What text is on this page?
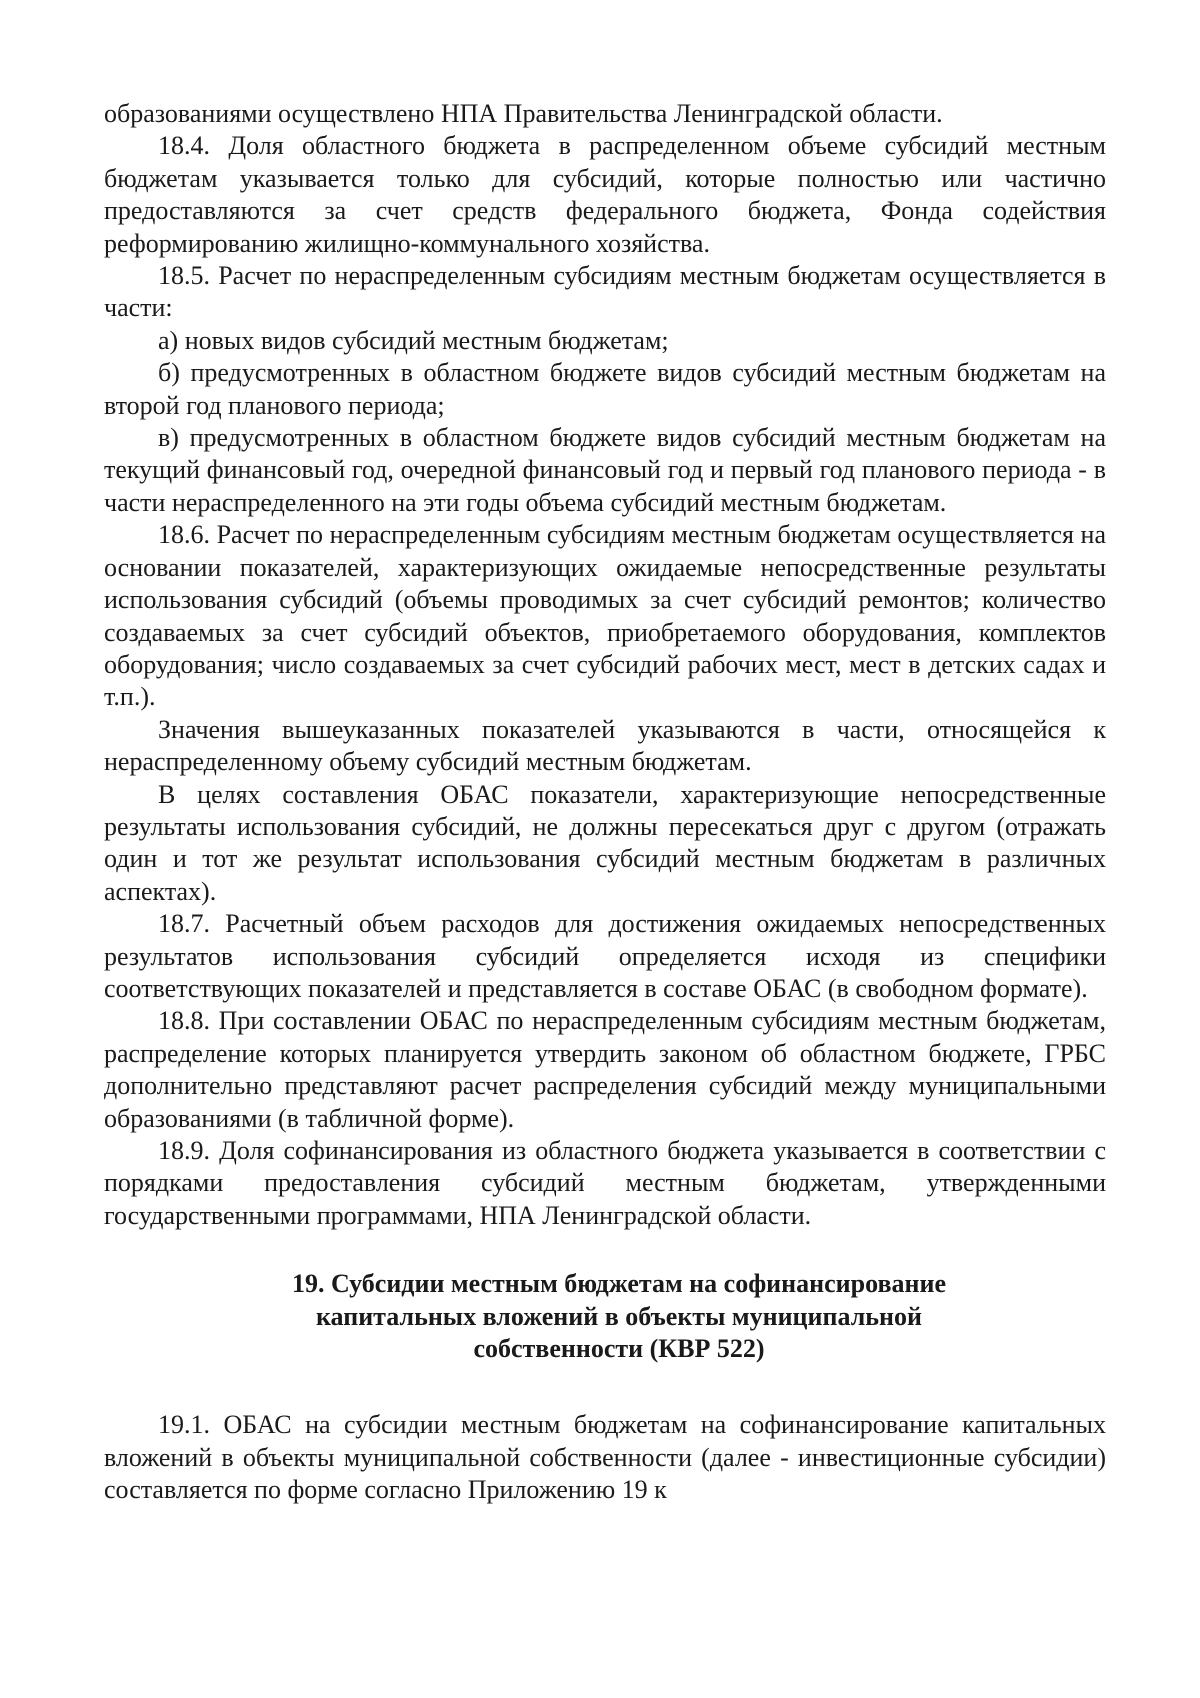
образованиями осуществлено НПА Правительства Ленинградской области.

18.4. Доля областного бюджета в распределенном объеме субсидий местным бюджетам указывается только для субсидий, которые полностью или частично предоставляются за счет средств федерального бюджета, Фонда содействия реформированию жилищно-коммунального хозяйства.

18.5. Расчет по нераспределенным субсидиям местным бюджетам осуществляется в части:

а) новых видов субсидий местным бюджетам;

б) предусмотренных в областном бюджете видов субсидий местным бюджетам на второй год планового периода;

в) предусмотренных в областном бюджете видов субсидий местным бюджетам на текущий финансовый год, очередной финансовый год и первый год планового периода - в части нераспределенного на эти годы объема субсидий местным бюджетам.

18.6. Расчет по нераспределенным субсидиям местным бюджетам осуществляется на основании показателей, характеризующих ожидаемые непосредственные результаты использования субсидий (объемы проводимых за счет субсидий ремонтов; количество создаваемых за счет субсидий объектов, приобретаемого оборудования, комплектов оборудования; число создаваемых за счет субсидий рабочих мест, мест в детских садах и т.п.).

Значения вышеуказанных показателей указываются в части, относящейся к нераспределенному объему субсидий местным бюджетам.

В целях составления ОБАС показатели, характеризующие непосредственные результаты использования субсидий, не должны пересекаться друг с другом (отражать один и тот же результат использования субсидий местным бюджетам в различных аспектах).

18.7. Расчетный объем расходов для достижения ожидаемых непосредственных результатов использования субсидий определяется исходя из специфики соответствующих показателей и представляется в составе ОБАС (в свободном формате).

18.8. При составлении ОБАС по нераспределенным субсидиям местным бюджетам, распределение которых планируется утвердить законом об областном бюджете, ГРБС дополнительно представляют расчет распределения субсидий между муниципальными образованиями (в табличной форме).

18.9. Доля софинансирования из областного бюджета указывается в соответствии с порядками предоставления субсидий местным бюджетам, утвержденными государственными программами, НПА Ленинградской области.

19. Субсидии местным бюджетам на софинансирование
капитальных вложений в объекты муниципальной
собственности (КВР 522)

19.1. ОБАС на субсидии местным бюджетам на софинансирование капитальных вложений в объекты муниципальной собственности (далее - инвестиционные субсидии) составляется по форме согласно Приложению 19 к
